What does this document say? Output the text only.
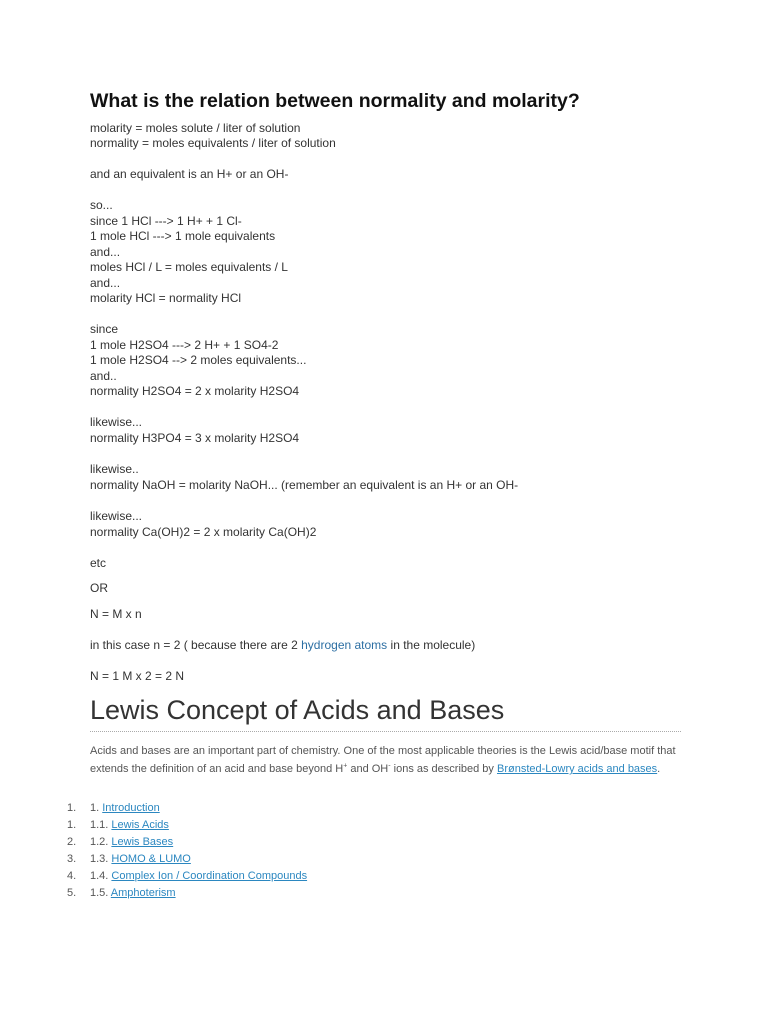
What is the relation between normality and molarity?
molarity = moles solute / liter of solution
normality = moles equivalents / liter of solution
and an equivalent is an H+ or an OH-
so...
since 1 HCl ---> 1 H+ + 1 Cl-
1 mole HCl ---> 1 mole equivalents
and...
moles HCl / L = moles equivalents / L
and...
molarity HCl = normality HCl
since
1 mole H2SO4 ---> 2 H+ + 1 SO4-2
1 mole H2SO4 --> 2 moles equivalents...
and..
normality H2SO4 = 2 x molarity H2SO4
likewise...
normality H3PO4 = 3 x molarity H2SO4
likewise..
normality NaOH = molarity NaOH... (remember an equivalent is an H+ or an OH-
likewise...
normality Ca(OH)2 = 2 x molarity Ca(OH)2
etc
OR
N = M x n
in this case n = 2 ( because there are 2 hydrogen atoms in the molecule)
N = 1 M x 2 = 2 N
Lewis Concept of Acids and Bases

Acids and bases are an important part of chemistry. One of the most applicable theories is the Lewis acid/base motif that extends the definition of an acid and base beyond H+ and OH- ions as described by Brønsted-Lowry acids and bases.

1. 1. Introduction
1. 1.1. Lewis Acids
2. 1.2. Lewis Bases
3. 1.3. HOMO & LUMO
4. 1.4. Complex Ion / Coordination Compounds
5. 1.5. Amphoterism
